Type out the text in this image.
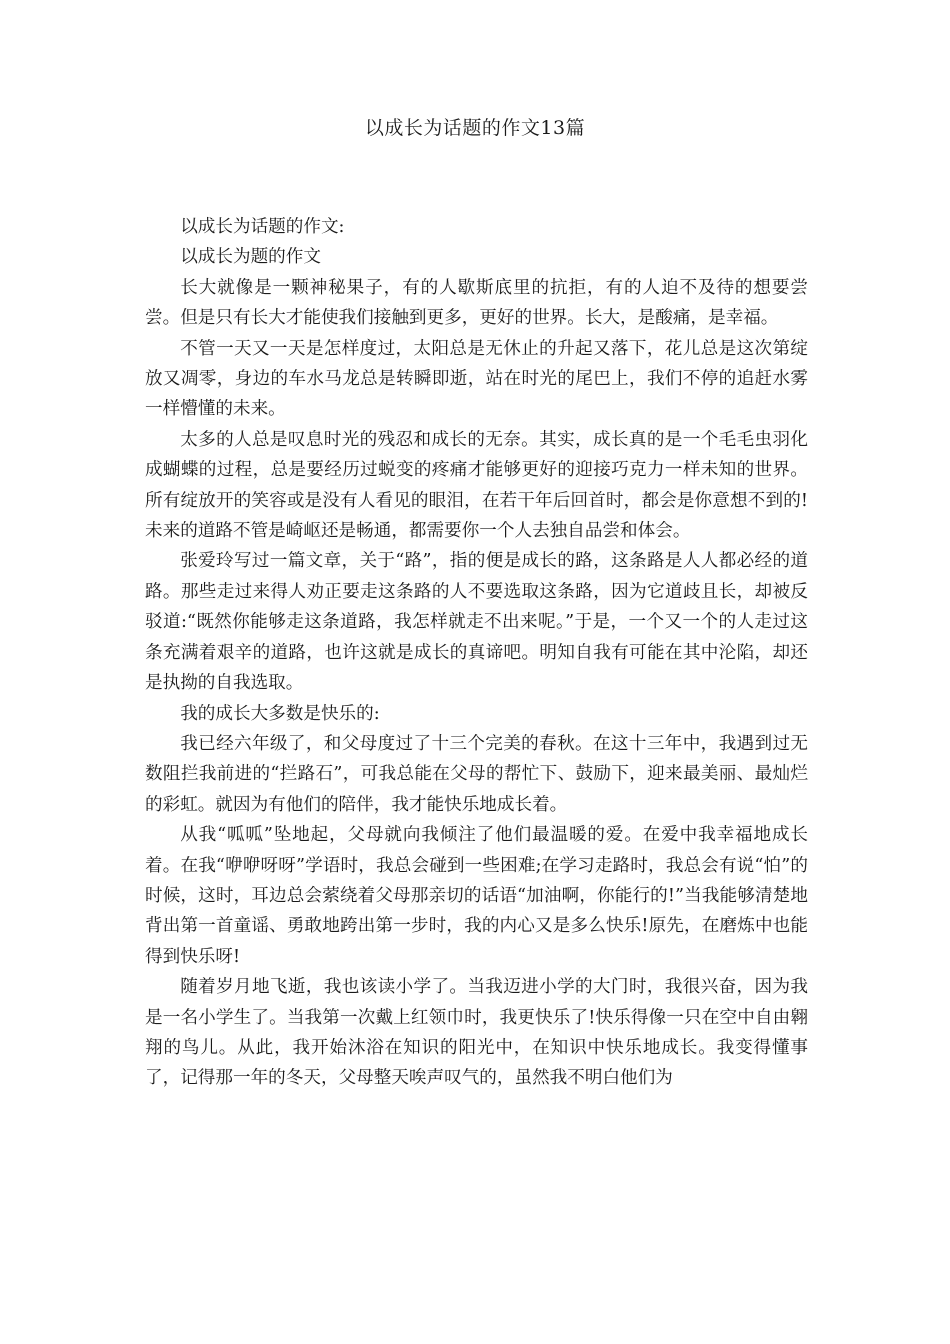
以成长为话题的作文13篇

以成长为话题的作文:

以成长为题的作文

长大就像是一颗神秘果子，有的人歇斯底里的抗拒，有的人迫不及待的想要尝尝。但是只有长大才能使我们接触到更多，更好的世界。长大，是酸痛，是幸福。

不管一天又一天是怎样度过，太阳总是无休止的升起又落下，花儿总是这次第绽放又凋零，身边的车水马龙总是转瞬即逝，站在时光的尾巴上，我们不停的追赶水雾一样懵懂的未来。

太多的人总是叹息时光的残忍和成长的无奈。其实，成长真的是一个毛毛虫羽化成蝴蝶的过程，总是要经历过蜕变的疼痛才能够更好的迎接巧克力一样未知的世界。所有绽放开的笑容或是没有人看见的眼泪，在若干年后回首时，都会是你意想不到的!未来的道路不管是崎岖还是畅通，都需要你一个人去独自品尝和体会。

张爱玲写过一篇文章，关于“路”，指的便是成长的路，这条路是人人都必经的道路。那些走过来得人劝正要走这条路的人不要选取这条路，因为它道歧且长，却被反驳道:“既然你能够走这条道路，我怎样就走不出来呢。”于是，一个又一个的人走过这条充满着艰辛的道路，也许这就是成长的真谛吧。明知自我有可能在其中沦陷，却还是执拗的自我选取。

我的成长大多数是快乐的:

我已经六年级了，和父母度过了十三个完美的春秋。在这十三年中，我遇到过无数阻拦我前进的“拦路石”，可我总能在父母的帮忙下、鼓励下，迎来最美丽、最灿烂的彩虹。就因为有他们的陪伴，我才能快乐地成长着。

从我“呱呱”坠地起，父母就向我倾注了他们最温暖的爱。在爱中我幸福地成长着。在我“咿咿呀呀”学语时，我总会碰到一些困难;在学习走路时，我总会有说“怕”的时候，这时，耳边总会萦绕着父母那亲切的话语“加油啊，你能行的!”当我能够清楚地背出第一首童谣、勇敢地跨出第一步时，我的内心又是多么快乐!原先，在磨炼中也能得到快乐呀!

随着岁月地飞逝，我也该读小学了。当我迈进小学的大门时，我很兴奋，因为我是一名小学生了。当我第一次戴上红领巾时，我更快乐了!快乐得像一只在空中自由翱翔的鸟儿。从此，我开始沐浴在知识的阳光中，在知识中快乐地成长。我变得懂事了，记得那一年的冬天，父母整天唉声叹气的，虽然我不明白他们为
